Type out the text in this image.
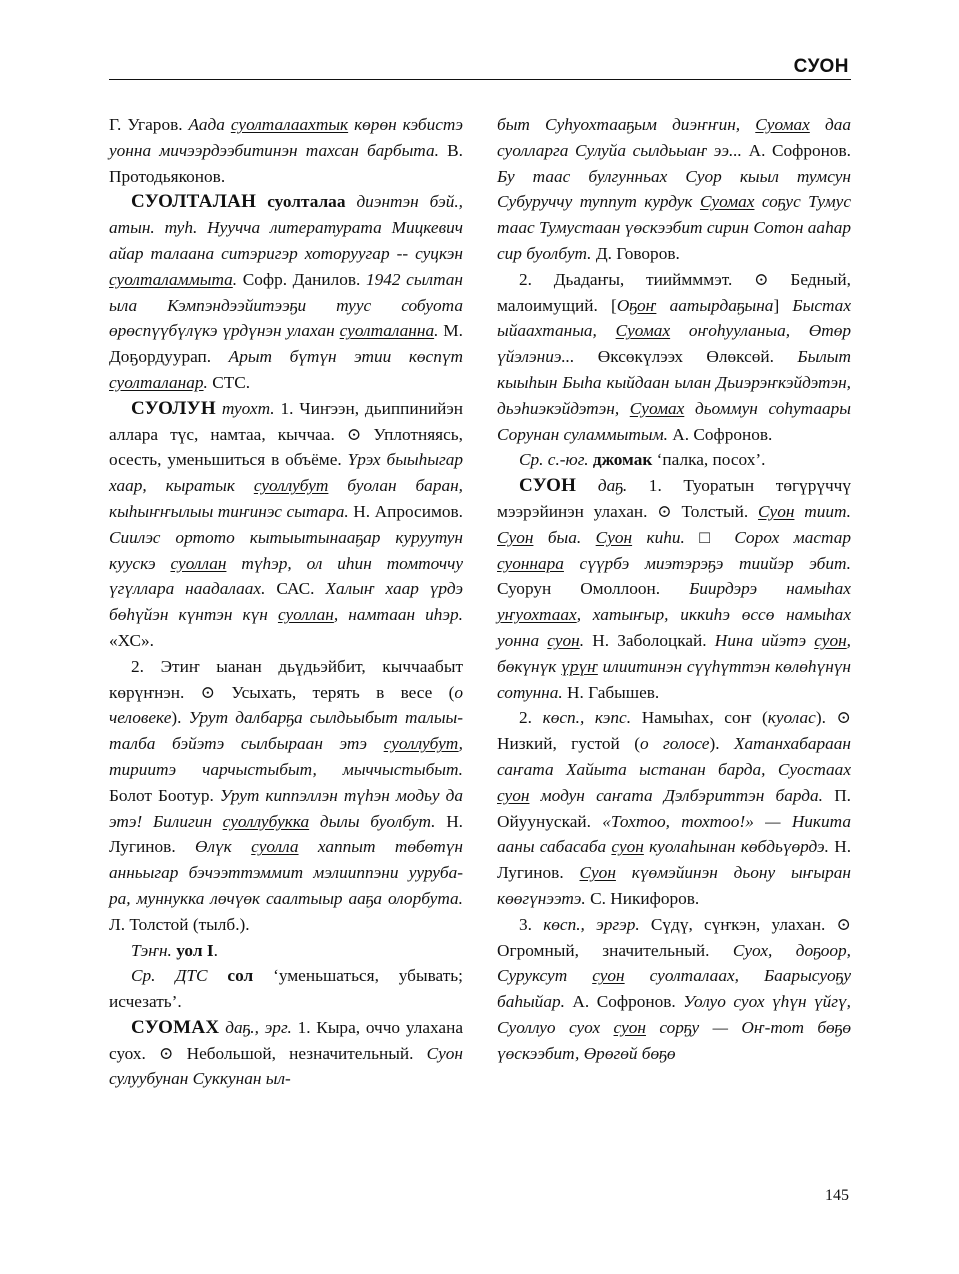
СУОН

Г. Угаров. Аада суолталаахтык көрөн кэбистэ уонна мичээрдээбитинэн тахсан барбыта. В. Протодьяконов.

СУОЛТАЛАН суолталаа диэнтэн бэй., атын. туһ. Нуучча литературата Мицкевич айар талаана ситэригэр хоторуугар -- суцкэн суолталаммыта. Софр. Данилов. 1942 сылтан ыла Кэмпэндээйитээҕи туус собуота өрөспүүбүлүкэ үрдүнэн улахан суолталанна. М. Доҕордуурап. Арыт бүтүн этии көспүт суолталанар. СТС.

СУОЛУН туохт. 1. Чиҥээн, дьиппинийэн аллара түс, намтаа, кыччаа. ⊙ Уплотняясь, осесть, уменьшиться в объёме. Үрэх быыһыгар хаар, кыратык суоллубут буолан баран, кыһыҥҥылыы тиҥинэс сытара. Н. Апросимов. Сиилэс ортото кытыытынааҕар куруутун куускэ суоллан түһэр, ол иһин томточчу үгүллара наадалаах. САС. Халыҥ хаар үрдэ бөһүйэн күнтэн күн суоллан, намтаан иһэр. «ХС».

2. Этиҥ ыанан дьүдьэйбит, кыччаабыт көрүҥнэн. ⊙ Усыхать, терять в весе (о человеке). Урут далбарҕа сылдьыбыт талыы-талба бэйэтэ сылбыраан этэ суоллубут, тириитэ чарчыстыбыт, мыччыстыбыт. Болот Боотур. Урут киппэллэн түһэн модьу да этэ! Билигин суоллубукка дылы буолбут. Н. Лугинов. Өлүк суолла хаппыт төбөтүн анньыгар бэчээттэммит мэлииппэни ууруба-ра, муннукка лөчүөк саалтыыр ааҕа олорбута. Л. Толстой (тылб.).

Тэҥн. уол I.

Ср. ДТС сол ‘уменьшаться, убывать; исчезать’.

СУОМАХ даҕ., эрг. 1. Кыра, оччо улахана суох. ⊙ Небольшой, незначительный. Суон сулуубунан Суккунан ыл-

быт Суһуохтааҕым диэҥҥин, Суомах даа суолларга Сулуйа сылдьыаҥ ээ... А. Софронов. Бу таас булгунньах Суор кыыл тумсун Субуруччу туппут курдук Суомах соҕус Тумус таас Тумустаан үөскээбит сирин Сотон ааһар сир буолбут. Д. Говоров.

2. Дьадаҥы, тииймммэт. ⊙ Бедный, малоимущий. [Оҕоҥ аатырдаҕына] Быстах ыйаахтаныа, Суомах оҥоһууланыа, Өтөр үйэлэниэ... Өксөкүлээх Өлөксөй. Былыт кыыһын Быһа кыйдаан ылан Дьиэрэҥкэйдэтэн, дьэһиэкэйдэтэн, Суомах дьоммун соһутаары Сорунан суламмытым. А. Софронов.

Ср. с.-юг. джомак ‘палка, посох’.

СУОН даҕ. 1. Туоратын төгүрүччү мээрэйинэн улахан. ⊙ Толстый. Суон тиит. Суон быа. Суон киһи. □ Сорох мастар суоннара сүүрбэ миэтэрэҕэ тиийэр эбит. Суорун Омоллоон. Биирдэрэ намыһах уҥуохтаах, хатыҥыр, иккиһэ өссө намыһах уонна суон. Н. Заболоцкай. Нина ийэтэ суон, бөкүнүк үрүҥ илиитинэн сүүһүттэн көлөһүнүн сотунна. Н. Габышев.

2. көсп., кэпс. Намыһах, соҥ (куолас). ⊙ Низкий, густой (о голосе). Хатанхабараан саҥата Хайыта ыстанан барда, Суостаах суон модун саҥата Дэлбэриттэн барда. П. Ойуунускай. «Тохтоо, тохтоо!» — Никита ааны сабасаба суон куолаһынан көбдьүөрдэ. Н. Лугинов. Суон күөмэйинэн дьону ыҥыран көөгүнээтэ. С. Никифоров.

3. көсп., эргэр. Сүдү, сүҥкэн, улахан. ⊙ Огромный, значительный. Суох, доҕоор, Суруксут суон суолталаах, Баарысуоҕу баһыйар. А. Софронов. Уолуо суох үһүн үйгү, Суоллуо суох суон сорҕу — Оҥ-тот бөҕө үөскээбит, Өрөгөй бөҕө

145
